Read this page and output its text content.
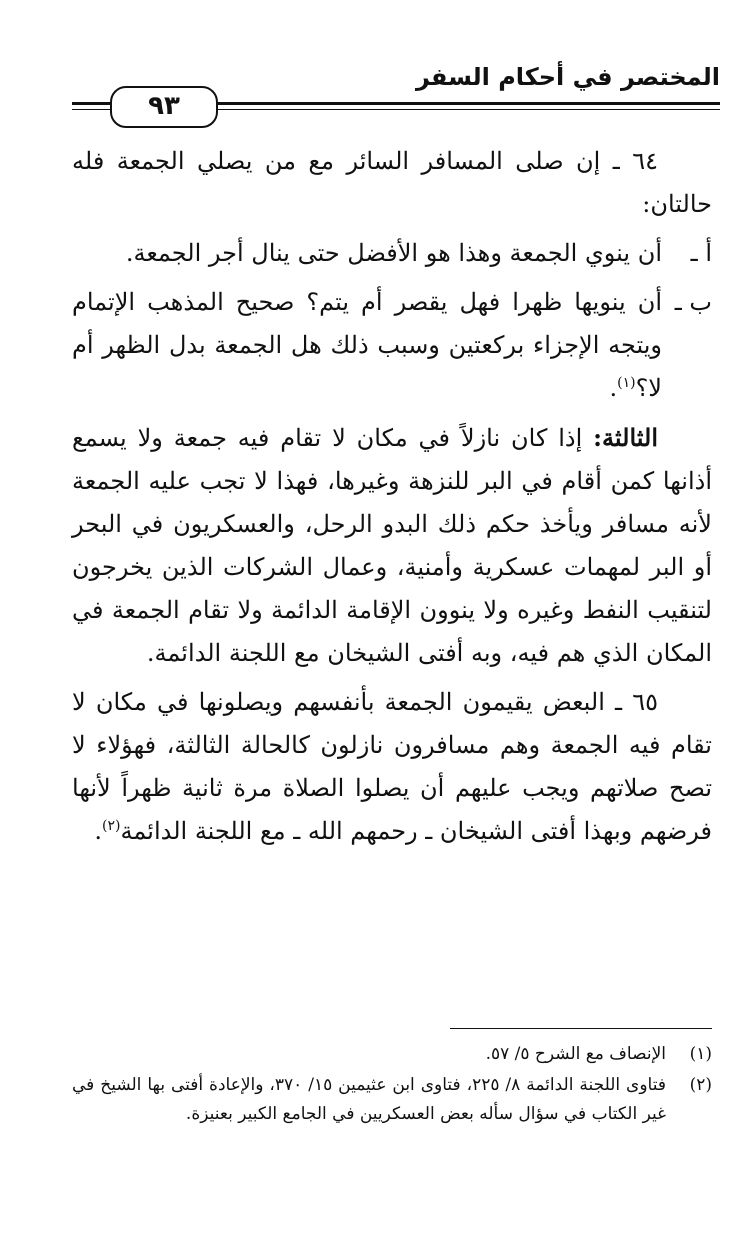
المختصر في أحكام السفر
٩٣

٦٤ ـ إن صلى المسافر السائر مع من يصلي الجمعة فله حالتان:

أ ـ
أن ينوي الجمعة وهذا هو الأفضل حتى ينال أجر الجمعة.

ب ـ
أن ينويها ظهرا فهل يقصر أم يتم؟ صحيح المذهب الإتمام ويتجه الإجزاء بركعتين وسبب ذلك هل الجمعة بدل الظهر أم لا؟$^{(١)}$.

الثالثة: إذا كان نازلاً في مكان لا تقام فيه جمعة ولا يسمع أذانها كمن أقام في البر للنزهة وغيرها، فهذا لا تجب عليه الجمعة لأنه مسافر ويأخذ حكم ذلك البدو الرحل، والعسكريون في البحر أو البر لمهمات عسكرية وأمنية، وعمال الشركات الذين يخرجون لتنقيب النفط وغيره ولا ينوون الإقامة الدائمة ولا تقام الجمعة في المكان الذي هم فيه، وبه أفتى الشيخان مع اللجنة الدائمة.

٦٥ ـ البعض يقيمون الجمعة بأنفسهم ويصلونها في مكان لا تقام فيه الجمعة وهم مسافرون نازلون كالحالة الثالثة، فهؤلاء لا تصح صلاتهم ويجب عليهم أن يصلوا الصلاة مرة ثانية ظهراً لأنها فرضهم وبهذا أفتى الشيخان ـ رحمهم الله ـ مع اللجنة الدائمة$^{(٢)}$.

(١)
الإنصاف مع الشرح ٥/ ٥٧.

(٢)
فتاوى اللجنة الدائمة ٨/ ٢٢٥، فتاوى ابن عثيمين ١٥/ ٣٧٠، والإعادة أفتى بها الشيخ في غير الكتاب في سؤال سأله بعض العسكريين في الجامع الكبير بعنيزة.
